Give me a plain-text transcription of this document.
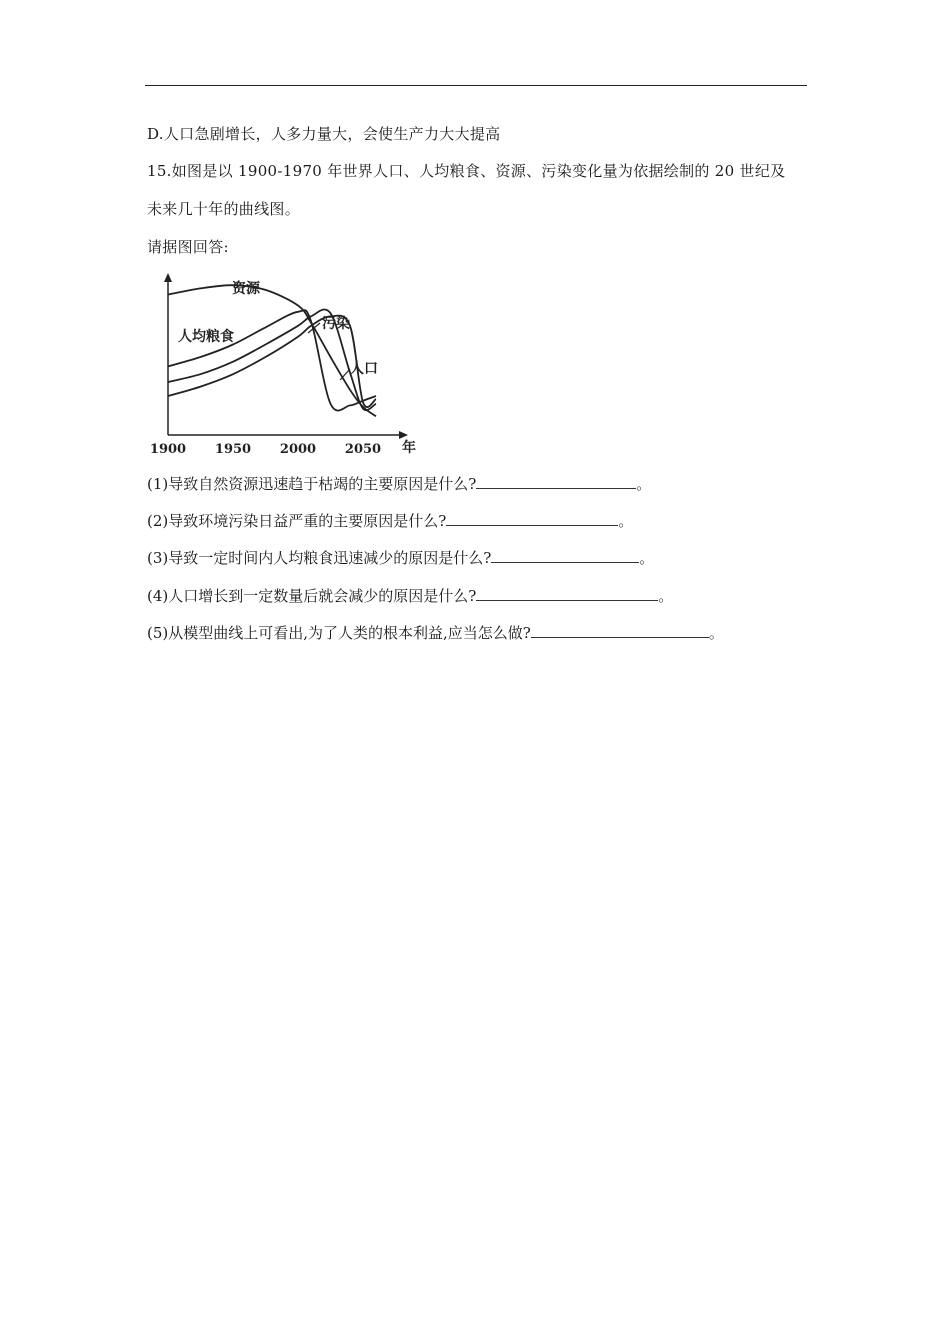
D.人口急剧增长，人多力量大，会使生产力大大提高
15.如图是以 1900-1970 年世界人口、人均粮食、资源、污染变化量为依据绘制的 20 世纪及
未来几十年的曲线图。
请据图回答:
资源
人均粮食
污染
人口
1900 1950 2000 2050 年
(1)导致自然资源迅速趋于枯竭的主要原因是什么?	。
(2)导致环境污染日益严重的主要原因是什么?	。
(3)导致一定时间内人均粮食迅速减少的原因是什么?	。
(4)人口增长到一定数量后就会减少的原因是什么?	。
(5)从模型曲线上可看出,为了人类的根本利益,应当怎么做?	。
